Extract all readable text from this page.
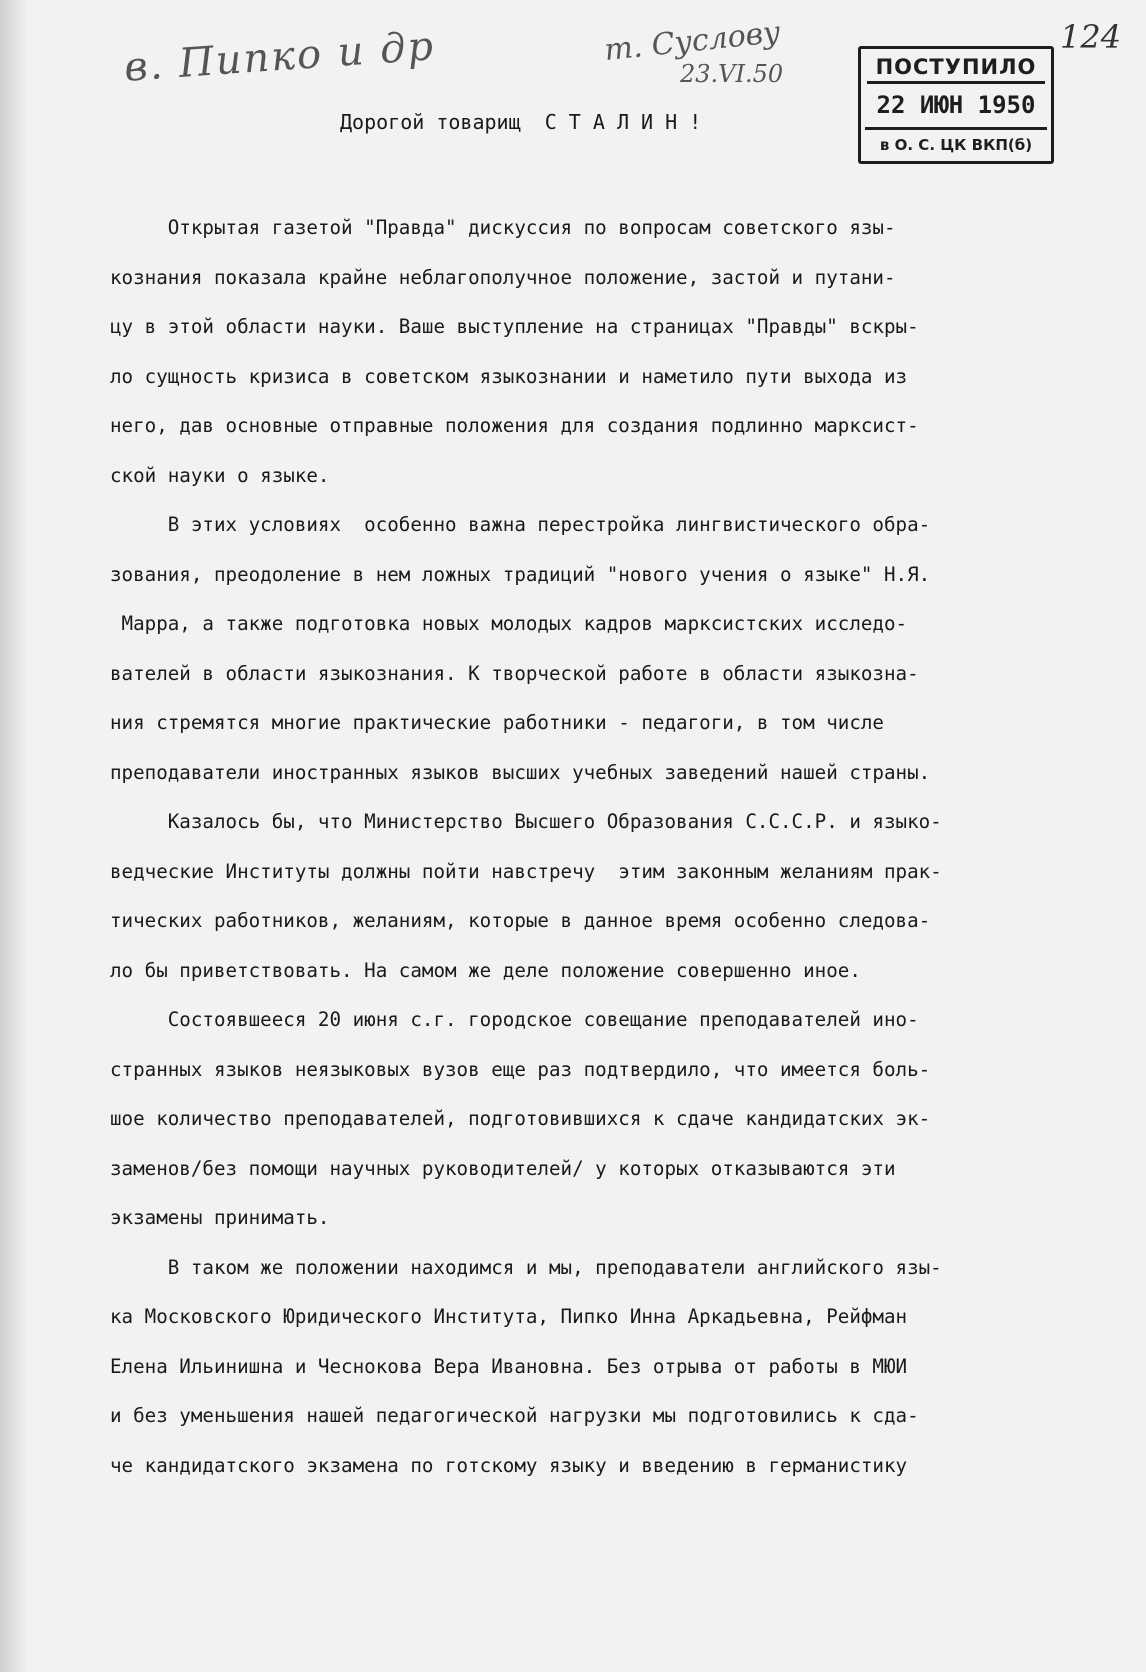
в. Пипко и др	т. Суслову
23.VI.50
124
ПОСТУПИЛО
22 ИЮН 1950
в О. С. ЦК ВКП(б)
Дорогой товарищ  С Т А Л И Н !
Открытая газетой "Правда" дискуссия по вопросам советского язы-
кознания показала крайне неблагополучное положение, застой и путани-
цу в этой области науки. Ваше выступление на страницах "Правды" вскры-
ло сущность кризиса в советском языкознании и наметило пути выхода из
него, дав основные отправные положения для создания подлинно марксист-
ской науки о языке.
В этих условиях  особенно важна перестройка лингвистического обра-
зования, преодоление в нем ложных традиций "нового учения о языке" Н.Я.
Марра, а также подготовка новых молодых кадров марксистских исследо-
вателей в области языкознания. К творческой работе в области языкозна-
ния стремятся многие практические работники - педагоги, в том числе
преподаватели иностранных языков высших учебных заведений нашей страны.
Казалось бы, что Министерство Высшего Образования С.С.С.Р. и языко-
ведческие Институты должны пойти навстречу  этим законным желаниям прак-
тических работников, желаниям, которые в данное время особенно следова-
ло бы приветствовать. На самом же деле положение совершенно иное.
Состоявшееся 20 июня с.г. городское совещание преподавателей ино-
странных языков неязыковых вузов еще раз подтвердило, что имеется боль-
шое количество преподавателей, подготовившихся к сдаче кандидатских эк-
заменов/без помощи научных руководителей/ у которых отказываются эти
экзамены принимать.
В таком же положении находимся и мы, преподаватели английского язы-
ка Московского Юридического Института, Пипко Инна Аркадьевна, Рейфман
Елена Ильинишна и Чеснокова Вера Ивановна. Без отрыва от работы в МЮИ
и без уменьшения нашей педагогической нагрузки мы подготовились к сда-
че кандидатского экзамена по готскому языку и введению в германистику
